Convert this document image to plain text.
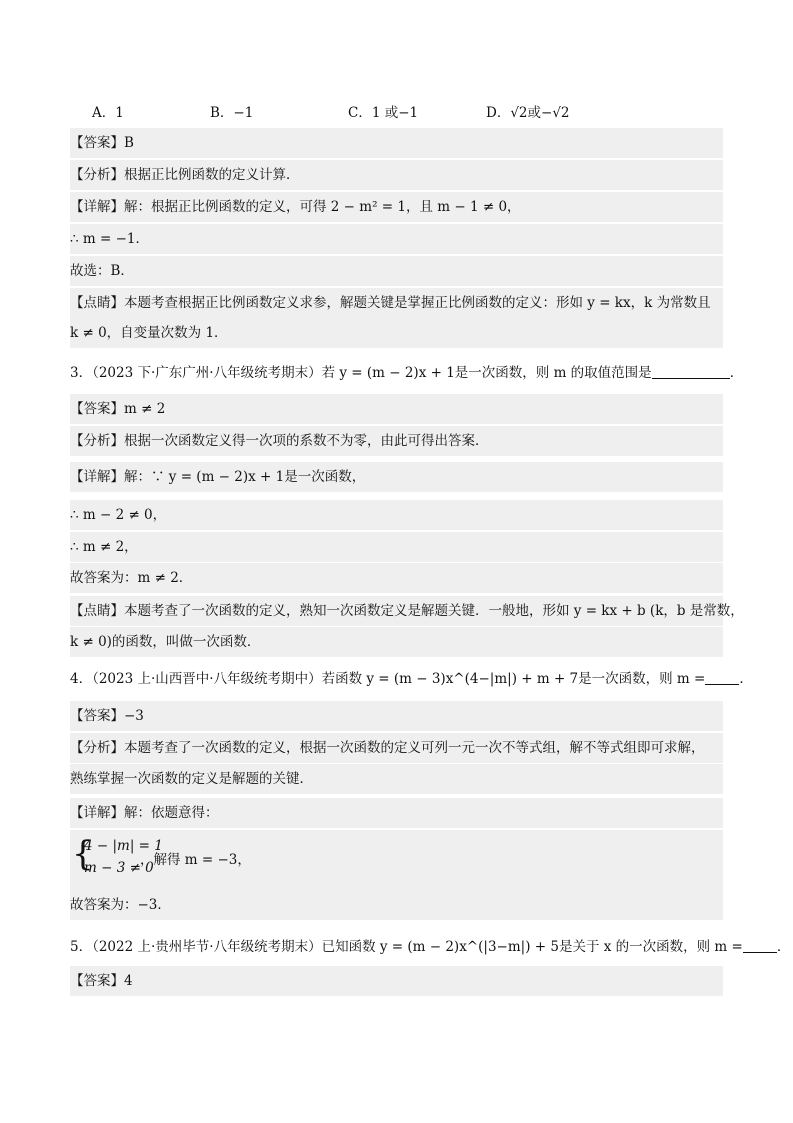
A．1	B．−1	C．1 或−1	D．√2或−√2
【答案】B
【分析】根据正比例函数的定义计算．
【详解】解：根据正比例函数的定义，可得 2 − m² = 1，且 m − 1 ≠ 0，
∴ m = −1．
故选：B．
【点睛】本题考查根据正比例函数定义求参，解题关键是掌握正比例函数的定义：形如 y = kx，k 为常数且
k ≠ 0，自变量次数为 1．
3．（2023 下·广东广州·八年级统考期末）若 y = (m − 2)x + 1是一次函数，则 m 的取值范围是	．
【答案】m ≠ 2
【分析】根据一次函数定义得一次项的系数不为零，由此可得出答案．
【详解】解：∵ y = (m − 2)x + 1是一次函数，
∴ m − 2 ≠ 0，
∴ m ≠ 2，
故答案为：m ≠ 2．
【点睛】本题考查了一次函数的定义，熟知一次函数定义是解题关键．一般地，形如 y = kx + b (k，b 是常数，
k ≠ 0)的函数，叫做一次函数．
4．（2023 上·山西晋中·八年级统考期中）若函数 y = (m − 3)x^(4−|m|) + m + 7是一次函数，则 m =	．
【答案】−3
【分析】本题考查了一次函数的定义，根据一次函数的定义可列一元一次不等式组，解不等式组即可求解，
熟练掌握一次函数的定义是解题的关键．
【详解】解：依题意得：
{
4 − |m| = 1
m − 3 ≠ 0
，解得 m = −3，
故答案为：−3．
5．（2022 上·贵州毕节·八年级统考期末）已知函数 y = (m − 2)x^(|3−m|) + 5是关于 x 的一次函数，则 m =	．
【答案】4
